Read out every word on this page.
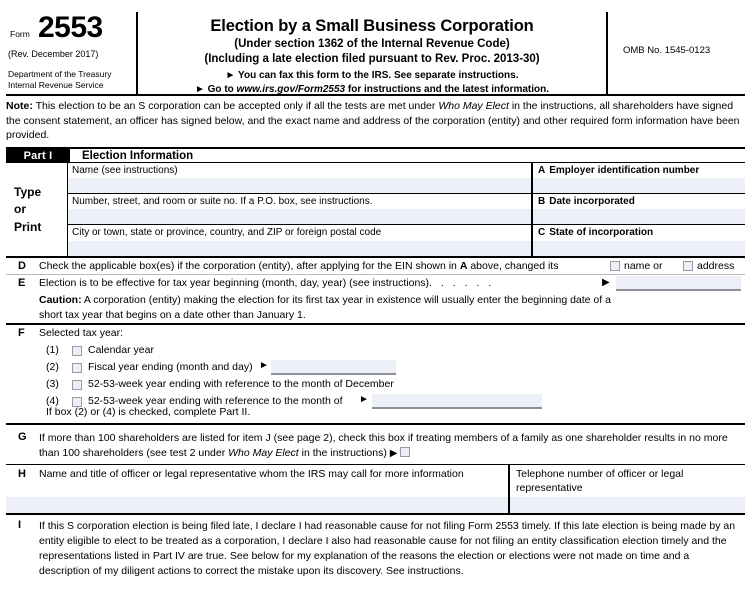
Form 2553
(Rev. December 2017)
Department of the Treasury
Internal Revenue Service
Election by a Small Business Corporation
(Under section 1362 of the Internal Revenue Code)
(Including a late election filed pursuant to Rev. Proc. 2013-30)
► You can fax this form to the IRS. See separate instructions.
► Go to www.irs.gov/Form2553 for instructions and the latest information.
OMB No. 1545-0123
Note: This election to be an S corporation can be accepted only if all the tests are met under Who May Elect in the instructions, all shareholders have signed the consent statement, an officer has signed below, and the exact name and address of the corporation (entity) and other required form information have been provided.
Part I	Election Information
Type
or
Print
Name (see instructions)	A Employer identification number
Number, street, and room or suite no. If a P.O. box, see instructions.	B Date incorporated
City or town, state or province, country, and ZIP or foreign postal code	C State of incorporation
D Check the applicable box(es) if the corporation (entity), after applying for the EIN shown in A above, changed its	name or	address
E Election is to be effective for tax year beginning (month, day, year) (see instructions). . . . . .	▶
Caution: A corporation (entity) making the election for its first tax year in existence will usually enter the beginning date of a short tax year that begins on a date other than January 1.
F Selected tax year:
(1)	Calendar year
(2)	Fiscal year ending (month and day) ►
(3)	52-53-week year ending with reference to the month of December
(4)	52-53-week year ending with reference to the month of ►
If box (2) or (4) is checked, complete Part II.
G If more than 100 shareholders are listed for item J (see page 2), check this box if treating members of a family as one shareholder results in no more than 100 shareholders (see test 2 under Who May Elect in the instructions) ▶
H Name and title of officer or legal representative whom the IRS may call for more information	Telephone number of officer or legal representative
I If this S corporation election is being filed late, I declare I had reasonable cause for not filing Form 2553 timely. If this late election is being made by an entity eligible to elect to be treated as a corporation, I declare I also had reasonable cause for not filing an entity classification election timely and the representations listed in Part IV are true. See below for my explanation of the reasons the election or elections were not made on time and a description of my diligent actions to correct the mistake upon its discovery. See instructions.
